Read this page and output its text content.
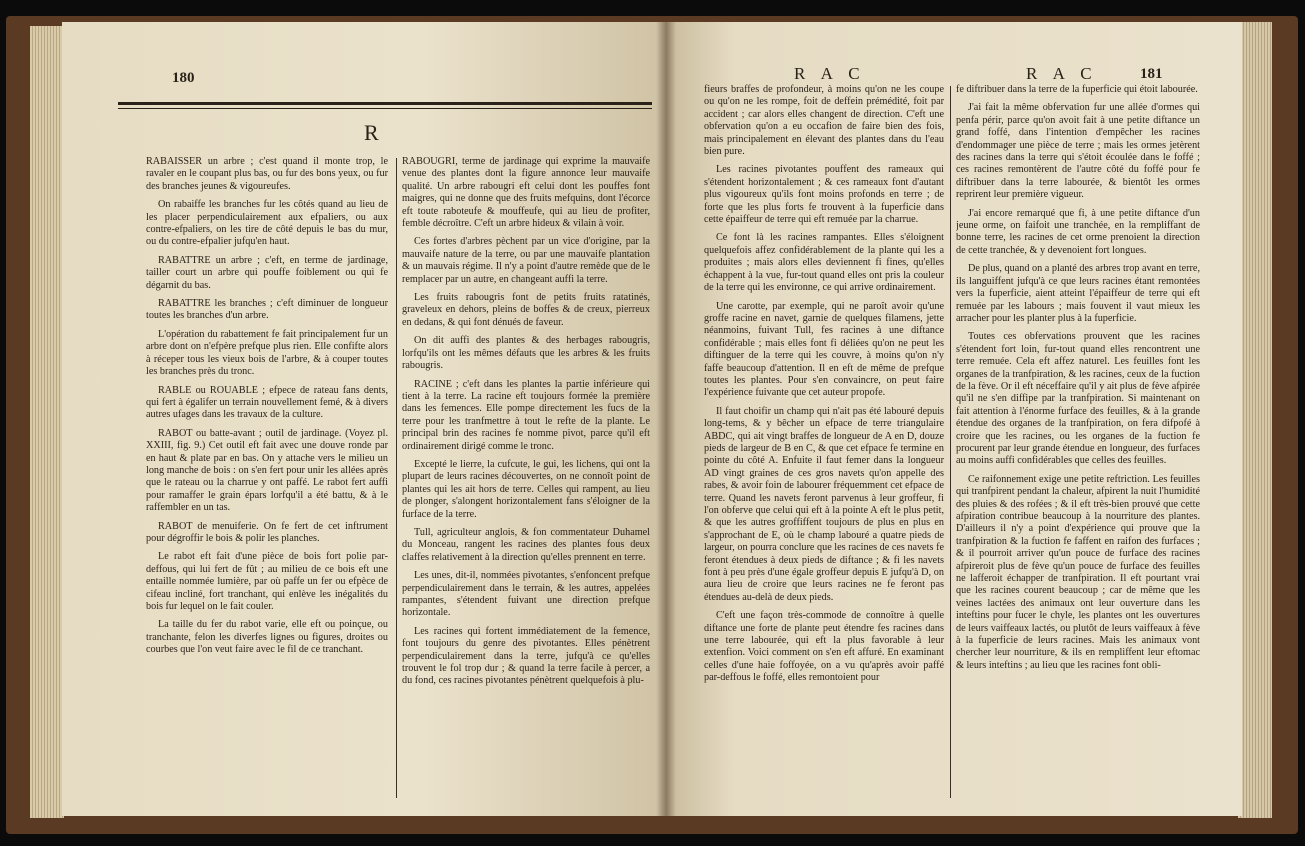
180
R

RABAISSER un arbre ; c'est quand il monte trop, le ravaler en le coupant plus bas, ou fur des bons yeux, ou fur des branches jeunes & vigoureufes.

On rabaiffe les branches fur les côtés quand au lieu de les placer perpendiculairement aux efpaliers, ou aux contre-efpaliers, on les tire de côté depuis le bas du mur, ou du contre-efpalier jufqu'en haut.

RABATTRE un arbre ; c'eft, en terme de jardinage, tailler court un arbre qui pouffe foiblement ou qui fe dégarnit du bas.

RABATTRE les branches ; c'eft diminuer de longueur toutes les branches d'un arbre.

L'opération du rabattement fe fait principalement fur un arbre dont on n'efpère prefque plus rien. Elle confifte alors à réceper tous les vieux bois de l'arbre, & à couper toutes les branches près du tronc.

RABLE ou ROUABLE ; efpece de rateau fans dents, qui fert à égalifer un terrain nouvellement femé, & à divers autres ufages dans les travaux de la culture.

RABOT ou batte-avant ; outil de jardinage. (Voyez pl. XXIII, fig. 9.) Cet outil eft fait avec une douve ronde par en haut & plate par en bas. On y attache vers le milieu un long manche de bois : on s'en fert pour unir les allées après que le rateau ou la charrue y ont paffé. Le rabot fert auffi pour ramaffer le grain épars lorfqu'il a été battu, & à le raffembler en un tas.

RABOT de menuiferie. On fe fert de cet inftrument pour dégroffir le bois & polir les planches.

Le rabot eft fait d'une pièce de bois fort polie par-deffous, qui lui fert de fût ; au milieu de ce bois eft une entaille nommée lumière, par où paffe un fer ou efpèce de cifeau incliné, fort tranchant, qui enlève les inégalités du bois fur lequel on le fait couler.

La taille du fer du rabot varie, elle eft ou poinçue, ou tranchante, felon les diverfes lignes ou figures, droites ou courbes que l'on veut faire avec le fil de ce tranchant.

RABOUGRI, terme de jardinage qui exprime la mauvaife venue des plantes dont la figure annonce leur mauvaife qualité. Un arbre rabougri eft celui dont les pouffes font maigres, qui ne donne que des fruits mefquins, dont l'écorce eft toute raboteufe & mouffeufe, qui au lieu de profiter, femble décroître. C'eft un arbre hideux & vilain à voir.

Ces fortes d'arbres pèchent par un vice d'origine, par la mauvaife nature de la terre, ou par une mauvaife plantation & un mauvais régime. Il n'y a point d'autre remède que de le remplacer par un autre, en changeant auffi la terre.

Les fruits rabougris font de petits fruits ratatinés, graveleux en dehors, pleins de boffes & de creux, pierreux en dedans, & qui font dénués de faveur.

On dit auffi des plantes & des herbages rabougris, lorfqu'ils ont les mêmes défauts que les arbres & les fruits rabougris.

RACINE ; c'eft dans les plantes la partie inférieure qui tient à la terre. La racine eft toujours formée la première dans les femences. Elle pompe directement les fucs de la terre pour les tranfmettre à tout le refte de la plante. Le principal brin des racines fe nomme pivot, parce qu'il eft ordinairement dirigé comme le tronc.

Excepté le lierre, la cufcute, le gui, les lichens, qui ont la plupart de leurs racines découvertes, on ne connoît point de plantes qui les ait hors de terre. Celles qui rampent, au lieu de plonger, s'alongent horizontalement fans s'éloigner de la furface de la terre.

Tull, agriculteur anglois, & fon commentateur Duhamel du Monceau, rangent les racines des plantes fous deux claffes relativement à la direction qu'elles prennent en terre.

Les unes, dit-il, nommées pivotantes, s'enfoncent prefque perpendiculairement dans le terrain, & les autres, appelées rampantes, s'étendent fuivant une direction prefque horizontale.

Les racines qui fortent immédiatement de la femence, font toujours du genre des pivotantes. Elles pénètrent perpendiculairement dans la terre, jufqu'à ce qu'elles trouvent le fol trop dur ; & quand la terre facile à percer, a du fond, ces racines pivotantes pénètrent quelquefois à plu-

R A C	R A C	181

fieurs braffes de profondeur, à moins qu'on ne les coupe ou qu'on ne les rompe, foit de deffein prémédité, foit par accident ; car alors elles changent de direction. C'eft une obfervation qu'on a eu occafion de faire bien des fois, mais principalement en élevant des plantes dans du l'eau bien pure.

Les racines pivotantes pouffent des rameaux qui s'étendent horizontalement ; & ces rameaux font d'autant plus vigoureux qu'ils font moins profonds en terre ; de forte que les plus forts fe trouvent à la fuperficie dans cette épaiffeur de terre qui eft remuée par la charrue.

Ce font là les racines rampantes. Elles s'éloignent quelquefois affez confidérablement de la plante qui les a produites ; mais alors elles deviennent fi fines, qu'elles échappent à la vue, fur-tout quand elles ont pris la couleur de la terre qui les environne, ce qui arrive ordinairement.

Une carotte, par exemple, qui ne paroît avoir qu'une groffe racine en navet, garnie de quelques filamens, jette néanmoins, fuivant Tull, fes racines à une diftance confidérable ; mais elles font fi déliées qu'on ne peut les diftinguer de la terre qui les couvre, à moins qu'on n'y faffe beaucoup d'attention. Il en eft de même de prefque toutes les plantes. Pour s'en convaincre, on peut faire l'expérience fuivante que cet auteur propofe.

Il faut choifir un champ qui n'ait pas été labouré depuis long-tems, & y bêcher un efpace de terre triangulaire ABDC, qui ait vingt braffes de longueur de A en D, douze pieds de largeur de B en C, & que cet efpace fe termine en pointe du côté A. Enfuite il faut femer dans la longueur AD vingt graines de ces gros navets qu'on appelle des rabes, & avoir foin de labourer fréquemment cet efpace de terre. Quand les navets feront parvenus à leur groffeur, fi l'on obferve que celui qui eft à la pointe A eft le plus petit, & que les autres groffiffent toujours de plus en plus en s'approchant de E, où le champ labouré a quatre pieds de largeur, on pourra conclure que les racines de ces navets fe feront étendues à deux pieds de diftance ; & fi les navets font à peu près d'une égale groffeur depuis E jufqu'à D, on aura lieu de croire que leurs racines ne fe feront pas étendues au-delà de deux pieds.

C'eft une façon très-commode de connoître à quelle diftance une forte de plante peut étendre fes racines dans une terre labourée, qui eft la plus favorable à leur extenfion. Voici comment on s'en eft affuré. En examinant celles d'une haie foffoyée, on a vu qu'après avoir paffé par-deffous le foffé, elles remontoient pour

fe diftribuer dans la terre de la fuperficie qui étoit labourée.

J'ai fait la même obfervation fur une allée d'ormes qui penfa périr, parce qu'on avoit fait à une petite diftance un grand foffé, dans l'intention d'empêcher les racines d'endommager une pièce de terre ; mais les ormes jetèrent des racines dans la terre qui s'étoit écoulée dans le foffé ; ces racines remontèrent de l'autre côté du foffé pour fe diftribuer dans la terre labourée, & bientôt les ormes reprirent leur première vigueur.

J'ai encore remarqué que fi, à une petite diftance d'un jeune orme, on faifoit une tranchée, en la rempliffant de bonne terre, les racines de cet orme prenoient la direction de cette tranchée, & y devenoient fort longues.

De plus, quand on a planté des arbres trop avant en terre, ils languiffent jufqu'à ce que leurs racines étant remontées vers la fuperficie, aient atteint l'épaiffeur de terre qui eft remuée par les labours ; mais fouvent il vaut mieux les arracher pour les planter plus à la fuperficie.

Toutes ces obfervations prouvent que les racines s'étendent fort loin, fur-tout quand elles rencontrent une terre remuée. Cela eft affez naturel. Les feuilles font les organes de la tranfpiration, & les racines, ceux de la fuction de la fève. Or il eft néceffaire qu'il y ait plus de fève afpirée qu'il ne s'en diffipe par la tranfpiration. Si maintenant on fait attention à l'énorme furface des feuilles, & à la grande étendue des organes de la tranfpiration, on fera difpofé à croire que les racines, ou les organes de la fuction fe procurent par leur grande étendue en longueur, des furfaces au moins auffi confidérables que celles des feuilles.

Ce raifonnement exige une petite reftriction. Les feuilles qui tranfpirent pendant la chaleur, afpirent la nuit l'humidité des pluies & des rofées ; & il eft très-bien prouvé que cette afpiration contribue beaucoup à la nourriture des plantes. D'ailleurs il n'y a point d'expérience qui prouve que la tranfpiration & la fuction fe faffent en raifon des furfaces ; & il pourroit arriver qu'un pouce de furface des racines afpireroit plus de fève qu'un pouce de furface des feuilles ne lafferoit échapper de tranfpiration. Il eft pourtant vrai que les racines courent beaucoup ; car de même que les veines lactées des animaux ont leur ouverture dans les inteftins pour fucer le chyle, les plantes ont les ouvertures de leurs vaiffeaux lactés, ou plutôt de leurs vaiffeaux à fève à la fuperficie de leurs racines. Mais les animaux vont chercher leur nourriture, & ils en rempliffent leur eftomac & leurs inteftins ; au lieu que les racines font obli-
